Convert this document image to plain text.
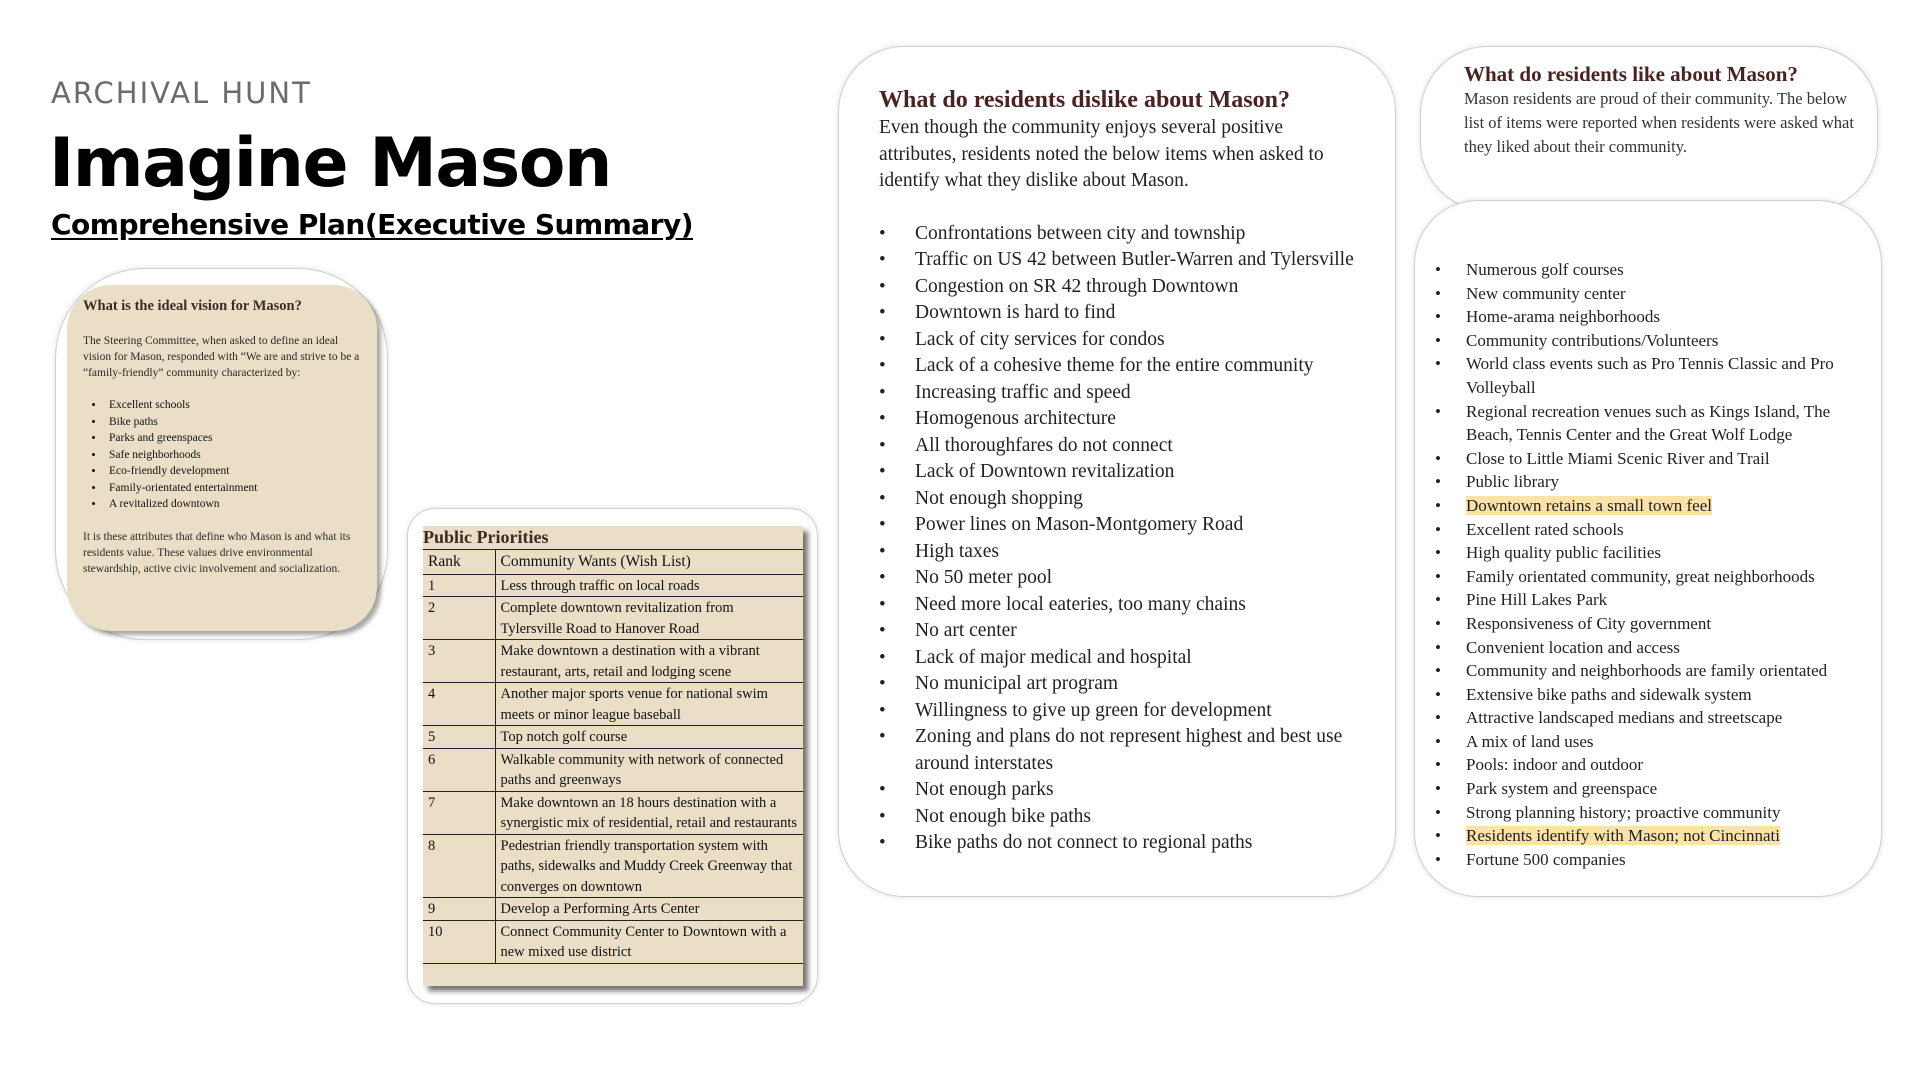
ARCHIVAL HUNT
Imagine Mason
Comprehensive Plan(Executive Summary)
What is the ideal vision for Mason?

The Steering Committee, when asked to define an ideal vision for Mason, responded with “We are and strive to be a “family-friendly” community characterized by:

• Excellent schools
• Bike paths
• Parks and greenspaces
• Safe neighborhoods
• Eco-friendly development
• Family-orientated entertainment
• A revitalized downtown

It is these attributes that define who Mason is and what its residents value. These values drive environmental stewardship, active civic involvement and socialization.

Public Priorities
Rank	Community Wants (Wish List)
1	Less through traffic on local roads
2	Complete downtown revitalization from Tylersville Road to Hanover Road
3	Make downtown a destination with a vibrant restaurant, arts, retail and lodging scene
4	Another major sports venue for national swim meets or minor league baseball
5	Top notch golf course
6	Walkable community with network of connected paths and greenways
7	Make downtown an 18 hours destination with a synergistic mix of residential, retail and restaurants
8	Pedestrian friendly transportation system with paths, sidewalks and Muddy Creek Greenway that converges on downtown
9	Develop a Performing Arts Center
10	Connect Community Center to Downtown with a new mixed use district
What do residents dislike about Mason?

Even though the community enjoys several positive attributes, residents noted the below items when asked to identify what they dislike about Mason.

• Confrontations between city and township
• Traffic on US 42 between Butler-Warren and Tylersville
• Congestion on SR 42 through Downtown
• Downtown is hard to find
• Lack of city services for condos
• Lack of a cohesive theme for the entire community
• Increasing traffic and speed
• Homogenous architecture
• All thoroughfares do not connect
• Lack of Downtown revitalization
• Not enough shopping
• Power lines on Mason-Montgomery Road
• High taxes
• No 50 meter pool
• Need more local eateries, too many chains
• No art center
• Lack of major medical and hospital
• No municipal art program
• Willingness to give up green for development
• Zoning and plans do not represent highest and best use around interstates
• Not enough parks
• Not enough bike paths
• Bike paths do not connect to regional paths
What do residents like about Mason?

Mason residents are proud of their community. The below list of items were reported when residents were asked what they liked about their community.

• Numerous golf courses
• New community center
• Home-arama neighborhoods
• Community contributions/Volunteers
• World class events such as Pro Tennis Classic and Pro Volleyball
• Regional recreation venues such as Kings Island, The Beach, Tennis Center and the Great Wolf Lodge
• Close to Little Miami Scenic River and Trail
• Public library
• Downtown retains a small town feel
• Excellent rated schools
• High quality public facilities
• Family orientated community, great neighborhoods
• Pine Hill Lakes Park
• Responsiveness of City government
• Convenient location and access
• Community and neighborhoods are family orientated
• Extensive bike paths and sidewalk system
• Attractive landscaped medians and streetscape
• A mix of land uses
• Pools: indoor and outdoor
• Park system and greenspace
• Strong planning history; proactive community
• Residents identify with Mason; not Cincinnati
• Fortune 500 companies
